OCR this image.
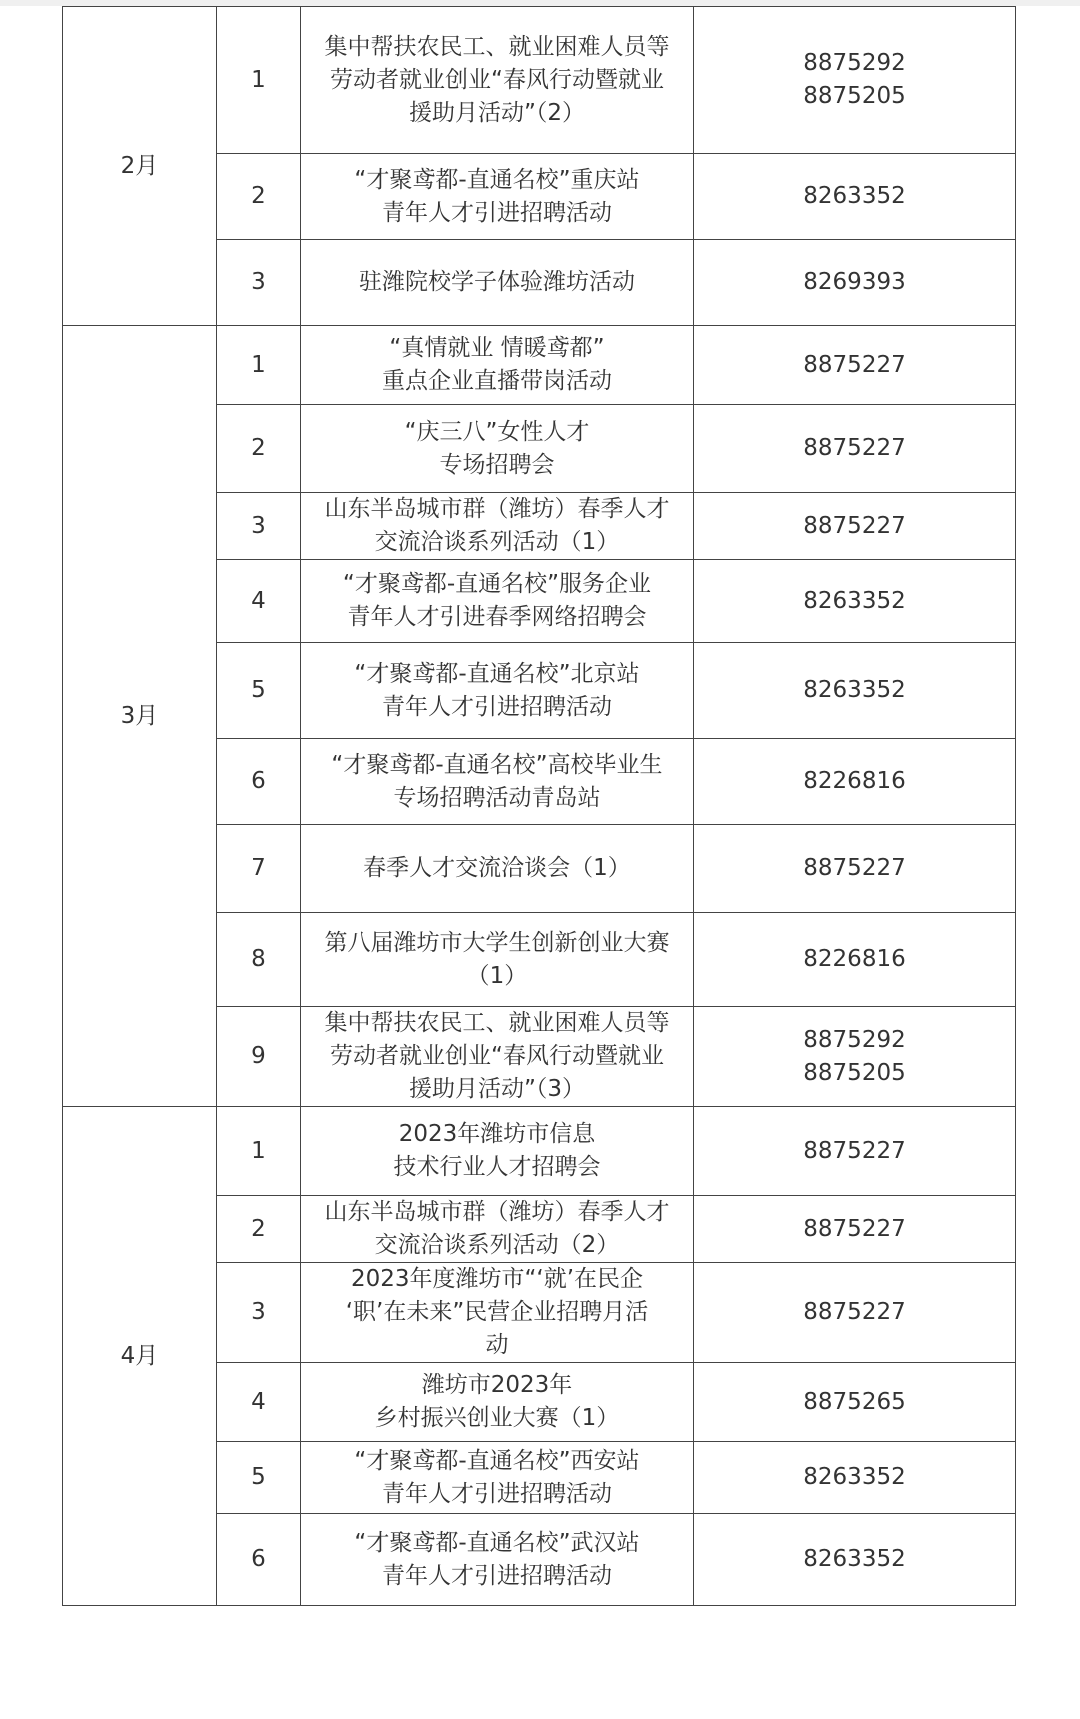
2月	1	集中帮扶农民工、就业困难人员等
劳动者就业创业“春风行动暨就业
援助月活动”（2）	8875292
8875205

	2	“才聚鸢都-直通名校”重庆站
青年人才引进招聘活动	8263352

	3	驻潍院校学子体验潍坊活动	8269393

3月	1	“真情就业 情暖鸢都”
重点企业直播带岗活动	8875227

	2	“庆三八”女性人才
专场招聘会	8875227

	3	山东半岛城市群（潍坊）春季人才
交流洽谈系列活动（1）	8875227

	4	“才聚鸢都-直通名校”服务企业
青年人才引进春季网络招聘会	8263352

	5	“才聚鸢都-直通名校”北京站
青年人才引进招聘活动	8263352

	6	“才聚鸢都-直通名校”高校毕业生
专场招聘活动青岛站	8226816

	7	春季人才交流洽谈会（1）	8875227

	8	第八届潍坊市大学生创新创业大赛
（1）	8226816

	9	集中帮扶农民工、就业困难人员等
劳动者就业创业“春风行动暨就业
援助月活动”（3）	8875292
8875205

4月	1	2023年潍坊市信息
技术行业人才招聘会	8875227

	2	山东半岛城市群（潍坊）春季人才
交流洽谈系列活动（2）	8875227

	3	2023年度潍坊市“‘就’在民企
‘职’在未来”民营企业招聘月活
动	8875227

	4	潍坊市2023年
乡村振兴创业大赛（1）	8875265

	5	“才聚鸢都-直通名校”西安站
青年人才引进招聘活动	8263352

	6	“才聚鸢都-直通名校”武汉站
青年人才引进招聘活动	8263352
